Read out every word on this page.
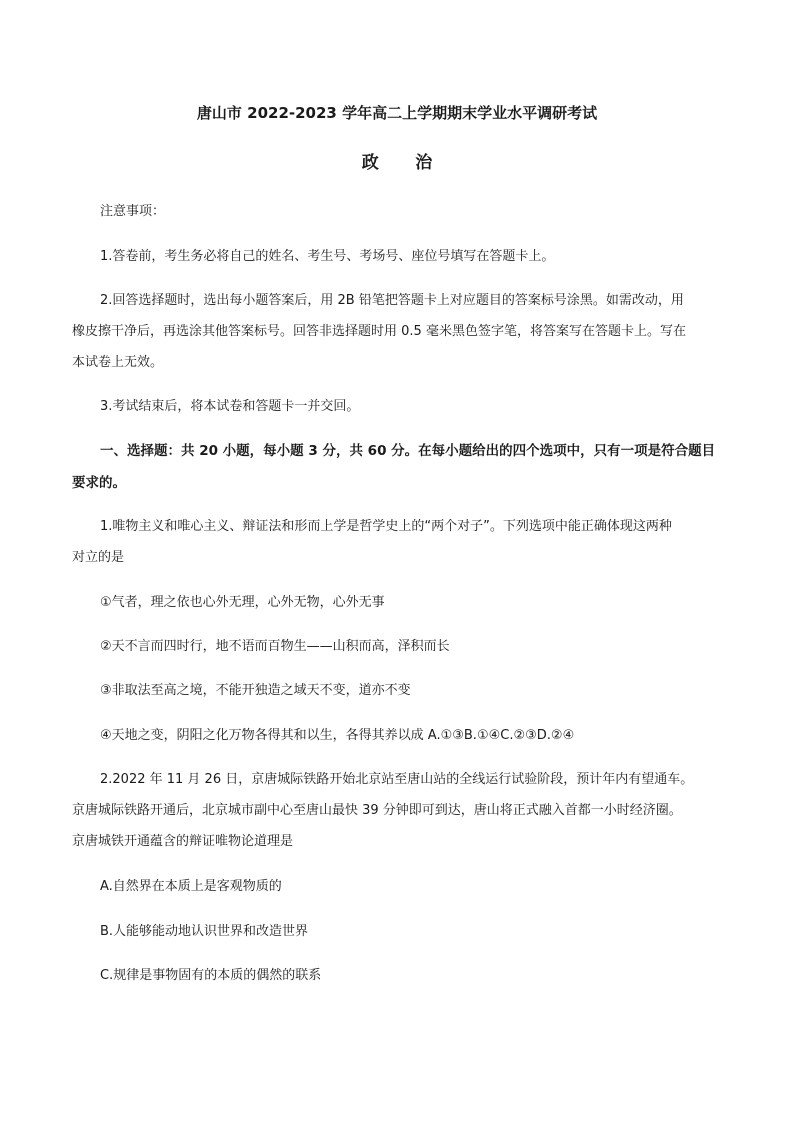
唐山市 2022-2023 学年高二上学期期末学业水平调研考试
政 治
注意事项：
1.答卷前，考生务必将自己的姓名、考生号、考场号、座位号填写在答题卡上。
2.回答选择题时，选出每小题答案后，用 2B 铅笔把答题卡上对应题目的答案标号涂黑。如需改动，用
橡皮擦干净后，再选涂其他答案标号。回答非选择题时用 0.5 毫米黑色签字笔，将答案写在答题卡上。写在
本试卷上无效。
3.考试结束后，将本试卷和答题卡一并交回。
一、选择题：共 20 小题，每小题 3 分，共 60 分。在每小题给出的四个选项中，只有一项是符合题目
要求的。
1.唯物主义和唯心主义、辩证法和形而上学是哲学史上的“两个对子”。下列选项中能正确体现这两种
对立的是
①气者，理之依也心外无理，心外无物，心外无事
②天不言而四时行，地不语而百物生——山积而高，泽积而长
③非取法至高之境，不能开独造之域天不变，道亦不变
④天地之变，阴阳之化万物各得其和以生，各得其养以成 A.①③B.①④C.②③D.②④
2.2022 年 11 月 26 日，京唐城际铁路开始北京站至唐山站的全线运行试验阶段，预计年内有望通车。
京唐城际铁路开通后，北京城市副中心至唐山最快 39 分钟即可到达，唐山将正式融入首都一小时经济圈。
京唐城铁开通蕴含的辩证唯物论道理是
A.自然界在本质上是客观物质的
B.人能够能动地认识世界和改造世界
C.规律是事物固有的本质的偶然的联系
